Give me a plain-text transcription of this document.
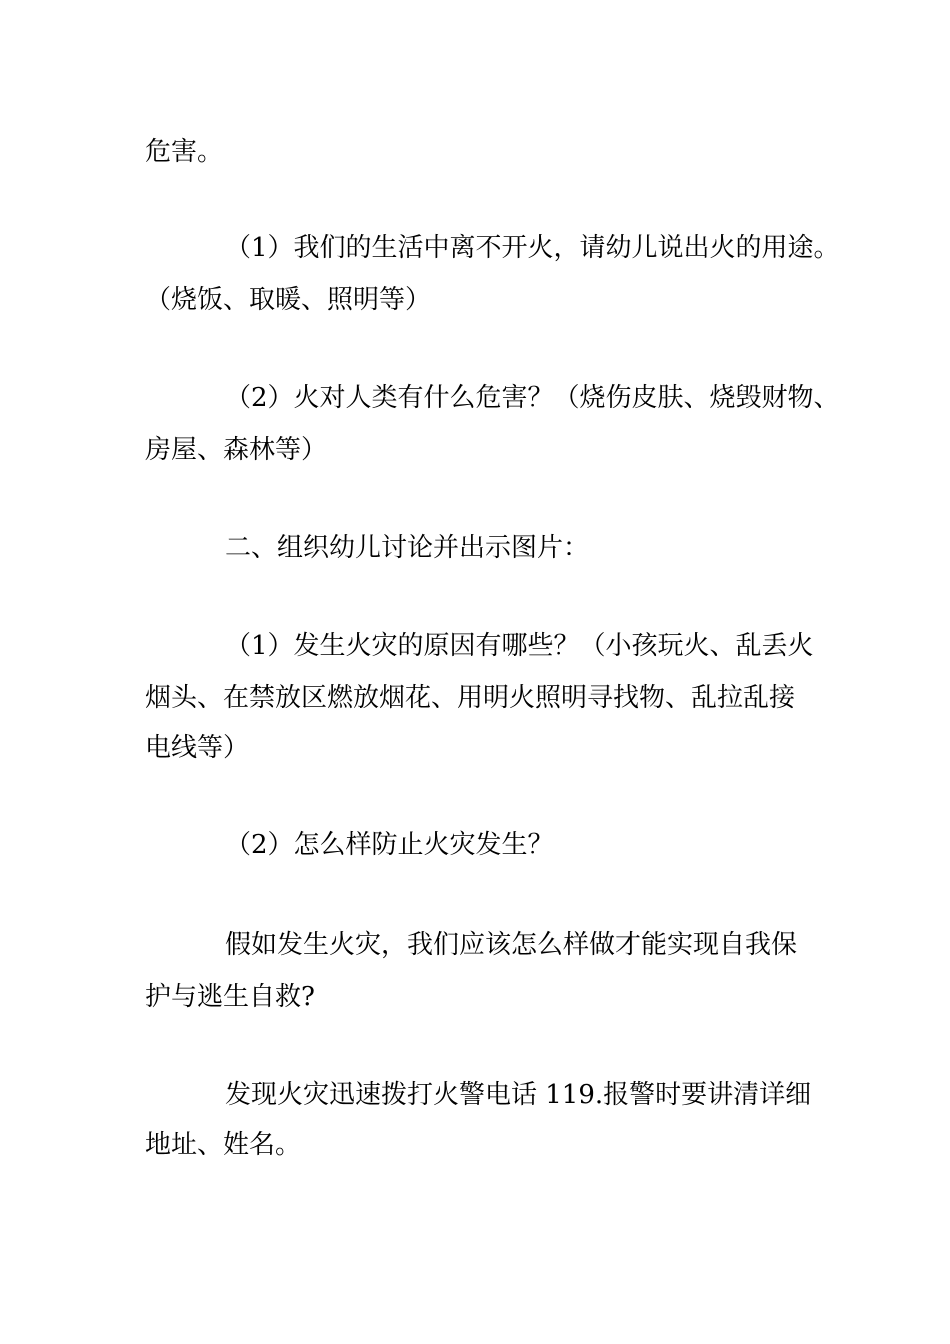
危害。
（1）我们的生活中离不开火，请幼儿说出火的用途。
（烧饭、取暖、照明等）
（2）火对人类有什么危害？（烧伤皮肤、烧毁财物、
房屋、森林等）
二、组织幼儿讨论并出示图片：
（1）发生火灾的原因有哪些？（小孩玩火、乱丢火
烟头、在禁放区燃放烟花、用明火照明寻找物、乱拉乱接
电线等）
（2）怎么样防止火灾发生？
假如发生火灾，我们应该怎么样做才能实现自我保
护与逃生自救?
发现火灾迅速拨打火警电话 119.报警时要讲清详细
地址、姓名。
